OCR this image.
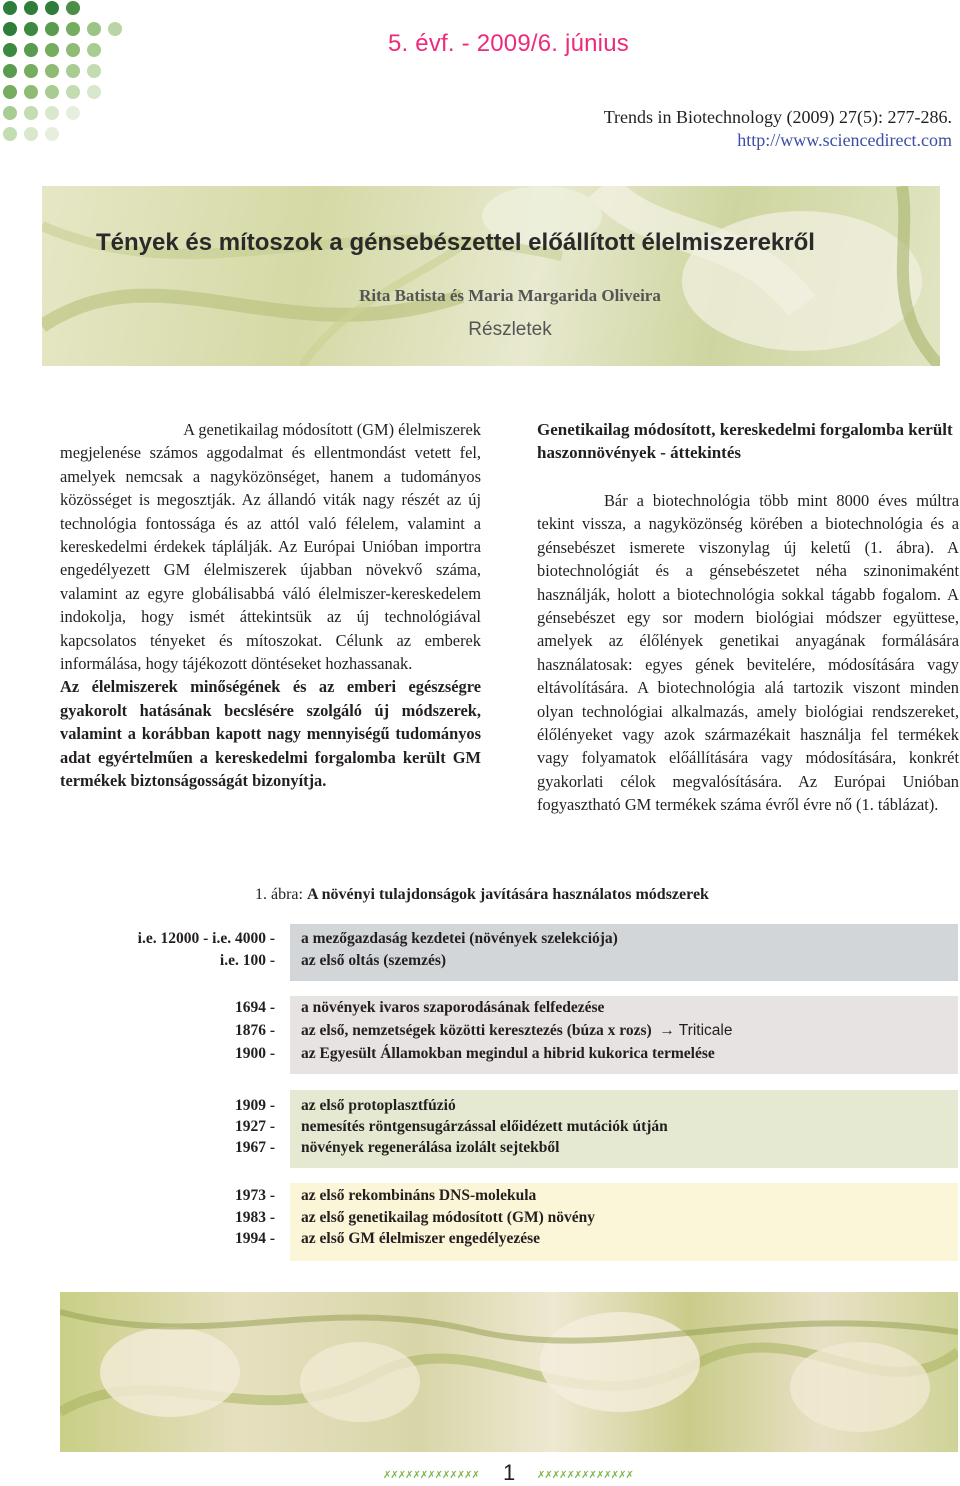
5. évf. - 2009/6. június
Trends in Biotechnology (2009) 27(5): 277-286.
http://www.sciencedirect.com
Tények és mítoszok a génsebészettel előállított élelmiszerekről
Rita Batista és Maria Margarida Oliveira
Részletek

A genetikailag módosított (GM) élelmiszerek

megjelenése számos aggodalmat és ellentmondást vetett fel, amelyek nemcsak a nagyközönséget, hanem a tudományos közösséget is megosztják. Az állandó viták nagy részét az új technológia fontossága és az attól való félelem, valamint a kereskedelmi érdekek táplálják. Az Európai Unióban importra engedélyezett GM élelmiszerek újabban növekvő száma, valamint az egyre globálisabbá váló élelmiszer-kereskedelem indokolja, hogy ismét áttekintsük az új technológiával kapcsolatos tényeket és mítoszokat. Célunk az emberek informálása, hogy tájékozott döntéseket hozhassanak.

Az élelmiszerek minőségének és az emberi egészségre gyakorolt hatásának becslésére szolgáló új módszerek, valamint a korábban kapott nagy mennyiségű tudományos adat egyértelműen a kereskedelmi forgalomba került GM termékek biztonságosságát bizonyítja.

Genetikailag módosított, kereskedelmi forgalomba került haszonnövények - áttekintés

Bár a biotechnológia több mint 8000 éves múltra tekint vissza, a nagyközönség körében a biotechnológia és a génsebészet ismerete viszonylag új keletű (1. ábra). A biotechnológiát és a génsebészetet néha szinonimaként használják, holott a biotechnológia sokkal tágabb fogalom. A génsebészet egy sor modern biológiai módszer együttese, amelyek az élőlények genetikai anyagának formálására használatosak: egyes gének bevitelére, módosítására vagy eltávolítására. A biotechnológia alá tartozik viszont minden olyan technológiai alkalmazás, amely biológiai rendszereket, élőlényeket vagy azok származékait használja fel termékek vagy folyamatok előállítására vagy módosítására, konkrét gyakorlati célok megvalósítására. Az Európai Unióban fogyasztható GM termékek száma évről évre nő (1. táblázat).

1. ábra: A növényi tulajdonságok javítására használatos módszerek
i.e. 12000 - i.e. 4000 - a mezőgazdaság kezdetei (növények szelekciója)
i.e. 100 - az első oltás (szemzés)
1694 - a növények ivaros szaporodásának felfedezése
1876 - az első, nemzetségek közötti keresztezés (búza x rozs)  → Triticale
1900 - az Egyesült Államokban megindul a hibrid kukorica termelése
1909 - az első protoplasztfúzió
1927 - nemesítés röntgensugárzással előidézett mutációk útján
1967 - növények regenerálása izolált sejtekből
1973 - az első rekombináns DNS-molekula
1983 - az első genetikailag módosított (GM) növény
1994 - az első GM élelmiszer engedélyezése
✗✗✗✗✗✗✗✗✗✗✗✗✗ 1 ✗✗✗✗✗✗✗✗✗✗✗✗✗
